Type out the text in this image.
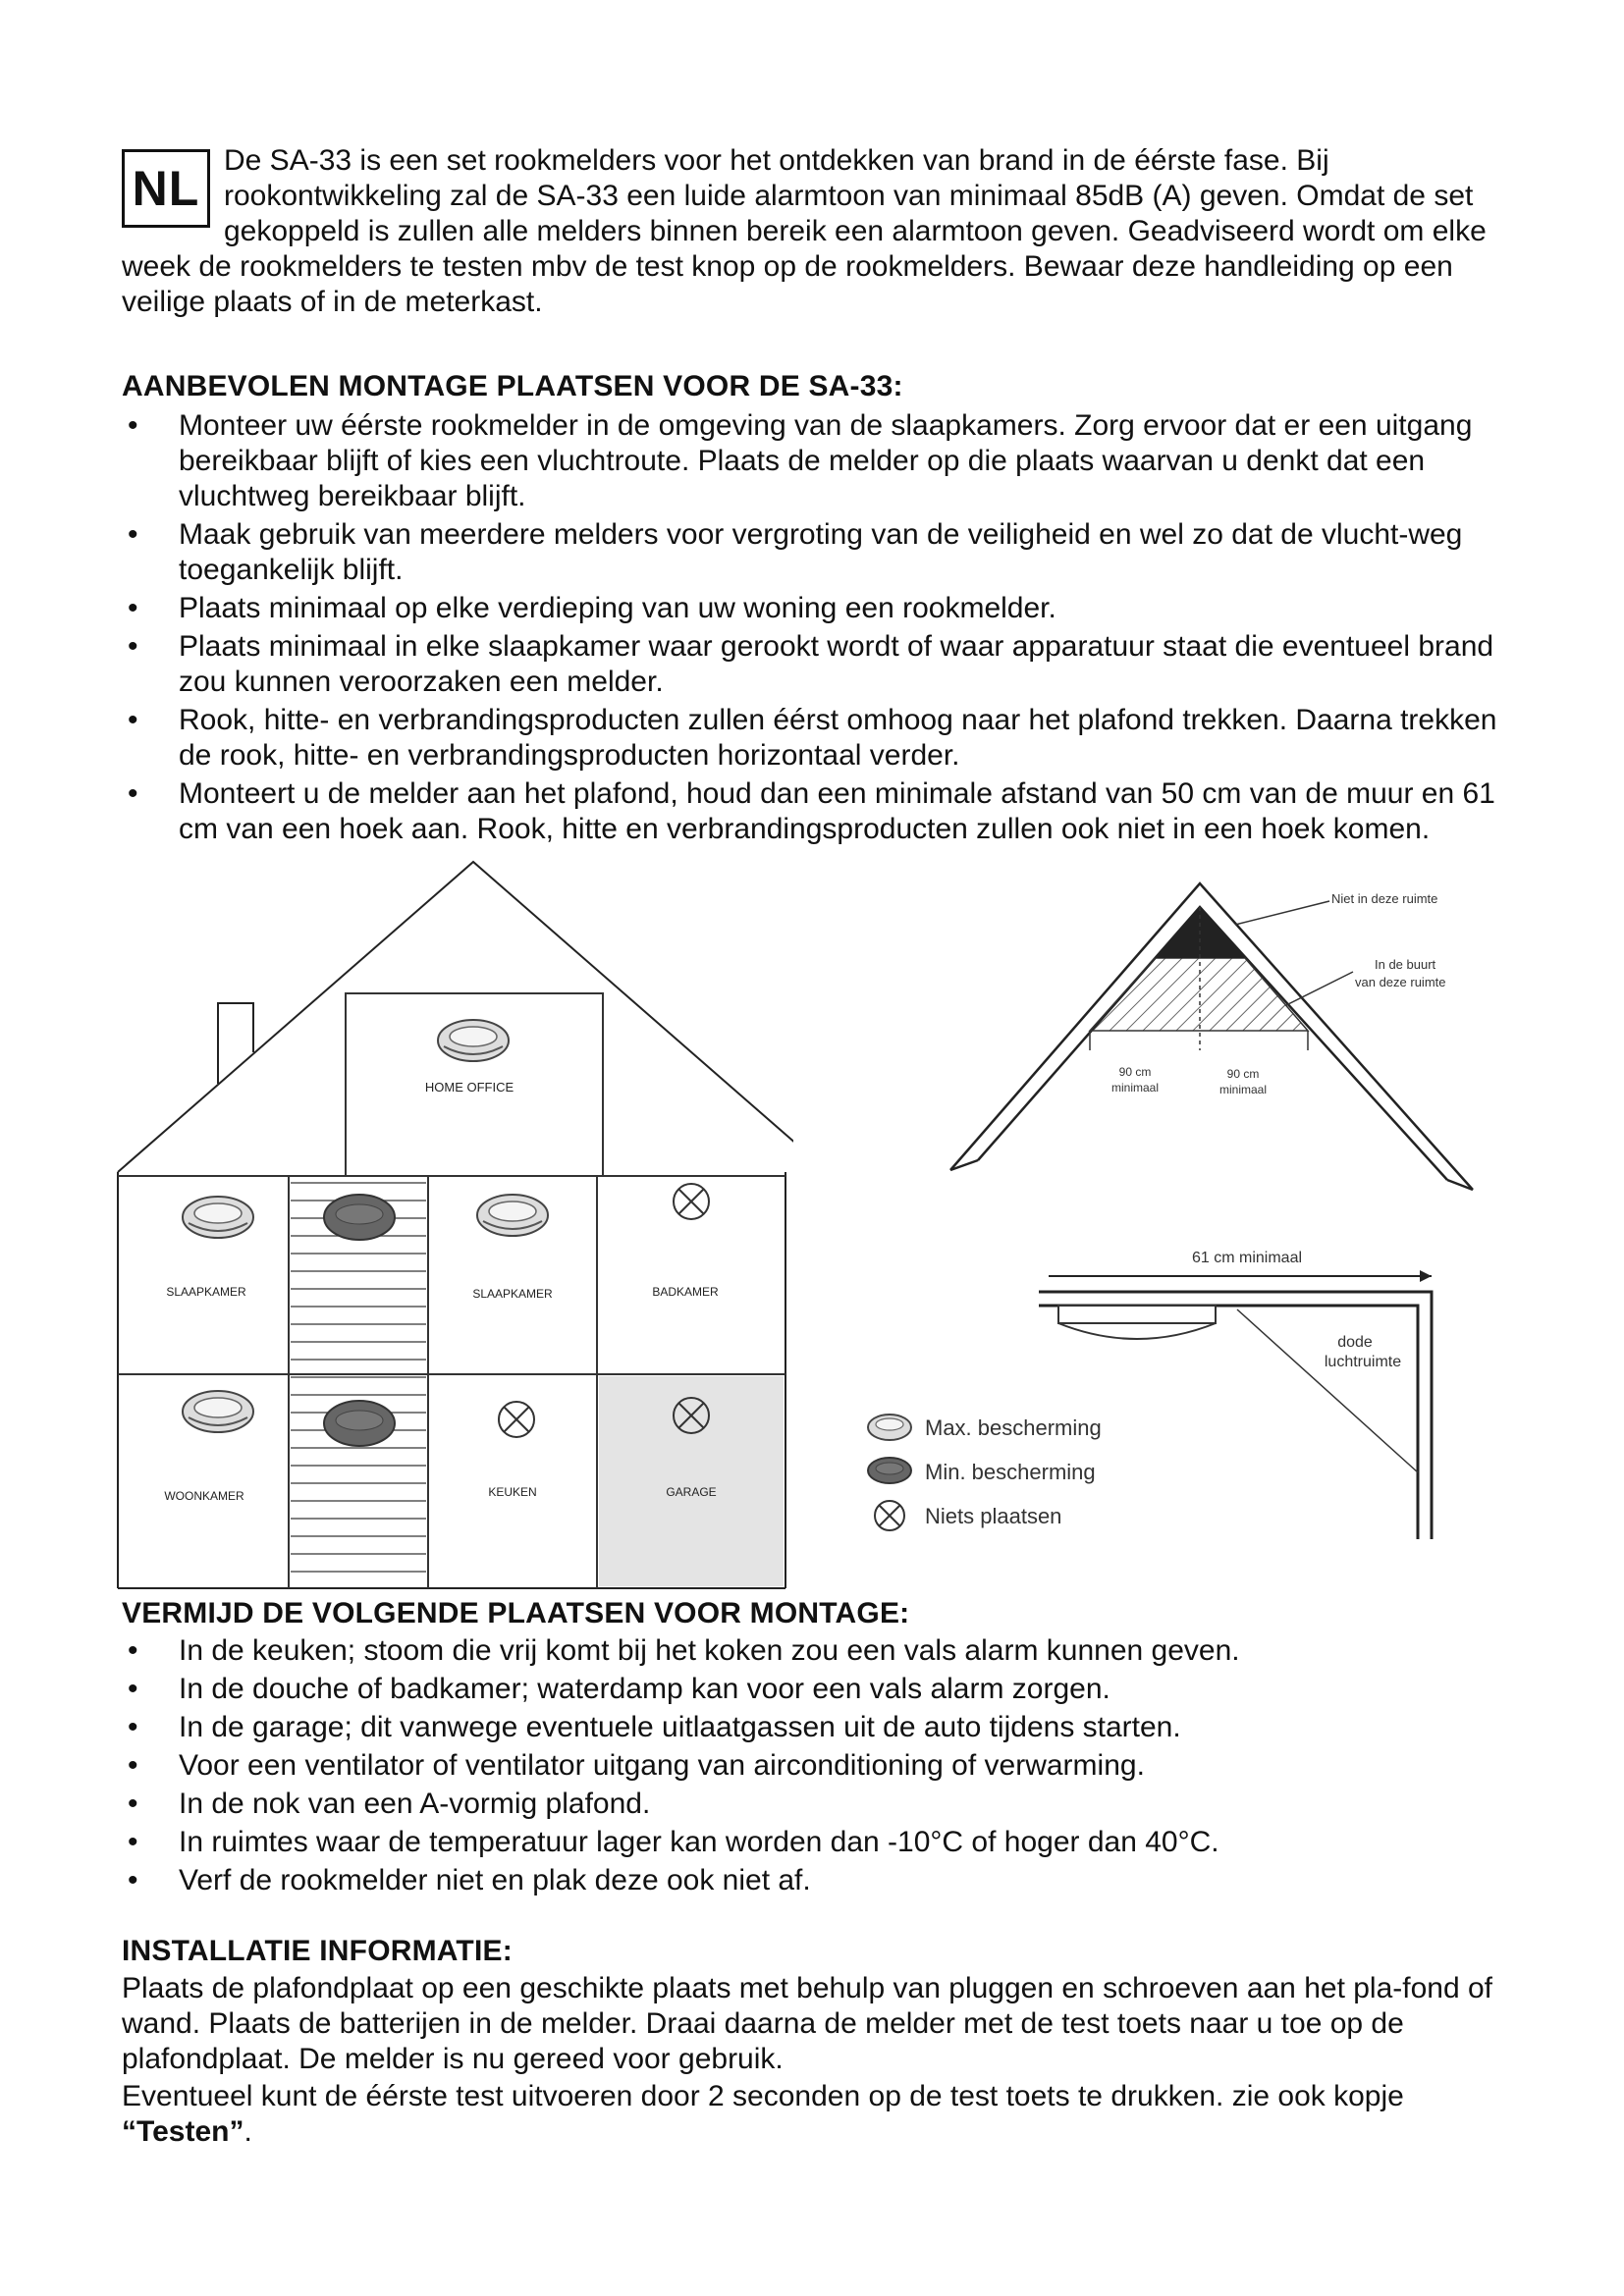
NL
De SA-33 is een set rookmelders voor het ontdekken van brand in de éérste fase. Bij rookontwikkeling zal de SA-33 een luide alarmtoon van minimaal 85dB (A) geven. Omdat de set gekoppeld is zullen alle melders binnen bereik een alarmtoon geven. Geadviseerd wordt om elke week de rookmelders te testen mbv de test knop op de rookmelders. Bewaar deze handleiding op een veilige plaats of in de meterkast.
AANBEVOLEN MONTAGE PLAATSEN VOOR DE SA-33:
• Monteer uw éérste rookmelder in de omgeving van de slaapkamers. Zorg ervoor dat er een uitgang bereikbaar blijft of kies een vluchtroute. Plaats de melder op die plaats waarvan u denkt dat een vluchtweg bereikbaar blijft.
• Maak gebruik van meerdere melders voor vergroting van de veiligheid en wel zo dat de vlucht-weg toegankelijk blijft.
• Plaats minimaal op elke verdieping van uw woning een rookmelder.
• Plaats minimaal in elke slaapkamer waar gerookt wordt of waar apparatuur staat die eventueel brand zou kunnen veroorzaken een melder.
• Rook, hitte- en verbrandingsproducten zullen éérst omhoog naar het plafond trekken. Daarna trekken de rook, hitte- en verbrandingsproducten horizontaal verder.
• Monteert u de melder aan het plafond, houd dan een minimale afstand van 50 cm van de muur en 61 cm van een hoek aan. Rook, hitte en verbrandingsproducten zullen ook niet in een hoek komen.
HOME OFFICE
SLAAPKAMER	SLAAPKAMER	BADKAMER
WOONKAMER	KEUKEN	GARAGE
Max. bescherming
Min. bescherming
Niets plaatsen
Niet in deze ruimte
In de buurt
van deze ruimte
90 cm
minimaal
90 cm
minimaal
61 cm minimaal
dode
luchtruimte
VERMIJD DE VOLGENDE PLAATSEN VOOR MONTAGE:
• In de keuken; stoom die vrij komt bij het koken zou een vals alarm kunnen geven.
• In de douche of badkamer; waterdamp kan voor een vals alarm zorgen.
• In de garage; dit vanwege eventuele uitlaatgassen uit de auto tijdens starten.
• Voor een ventilator of ventilator uitgang van airconditioning of verwarming.
• In de nok van een A-vormig plafond.
• In ruimtes waar de temperatuur lager kan worden dan -10°C of hoger dan 40°C.
• Verf de rookmelder niet en plak deze ook niet af.
INSTALLATIE INFORMATIE:
Plaats de plafondplaat op een geschikte plaats met behulp van pluggen en schroeven aan het pla-fond of wand. Plaats de batterijen in de melder. Draai daarna de melder met de test toets naar u toe op de plafondplaat. De melder is nu gereed voor gebruik.
Eventueel kunt de éérste test uitvoeren door 2 seconden op de test toets te drukken. zie ook kopje “Testen”.
